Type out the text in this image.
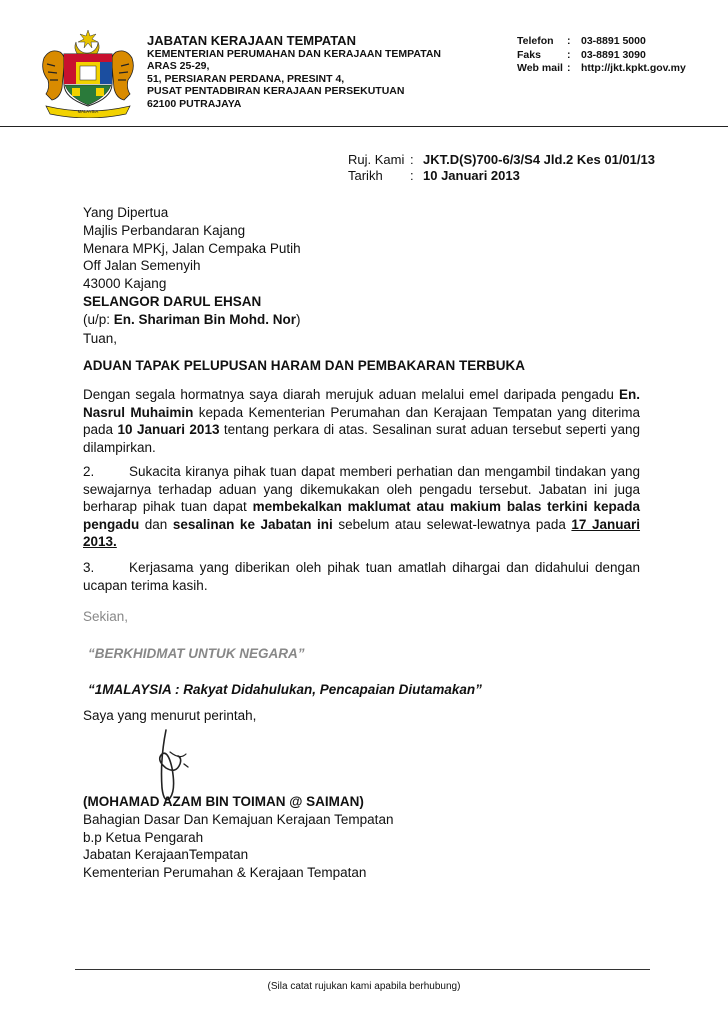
MALAYSIA
JABATAN KERAJAAN TEMPATAN
KEMENTERIAN PERUMAHAN DAN KERAJAAN TEMPATAN
ARAS 25-29,
51, PERSIARAN PERDANA, PRESINT 4,
PUSAT PENTADBIRAN KERAJAAN PERSEKUTUAN
62100 PUTRAJAYA
Telefon	:	03-8891 5000
Faks	:	03-8891 3090
Web mail :	http://jkt.kpkt.gov.my
Ruj. Kami : JKT.D(S)700-6/3/S4 Jld.2 Kes 01/01/13
Tarikh	: 10 Januari 2013
Yang Dipertua
Majlis Perbandaran Kajang
Menara MPKj, Jalan Cempaka Putih
Off Jalan Semenyih
43000 Kajang
SELANGOR DARUL EHSAN
(u/p: En. Shariman Bin Mohd. Nor)
Tuan,
ADUAN TAPAK PELUPUSAN HARAM DAN PEMBAKARAN TERBUKA
Dengan segala hormatnya saya diarah merujuk aduan melalui emel daripada pengadu En. Nasrul Muhaimin kepada Kementerian Perumahan dan Kerajaan Tempatan yang diterima pada 10 Januari 2013 tentang perkara di atas. Sesalinan surat aduan tersebut seperti yang dilampirkan.
2.	Sukacita kiranya pihak tuan dapat memberi perhatian dan mengambil tindakan yang sewajarnya terhadap aduan yang dikemukakan oleh pengadu tersebut. Jabatan ini juga berharap pihak tuan dapat membekalkan maklumat atau makium balas terkini kepada pengadu dan sesalinan ke Jabatan ini sebelum atau selewat-lewatnya pada 17 Januari 2013.
3.	Kerjasama yang diberikan oleh pihak tuan amatlah dihargai dan didahului dengan ucapan terima kasih.
Sekian,
“BERKHIDMAT UNTUK NEGARA”
“1MALAYSIA : Rakyat Didahulukan, Pencapaian Diutamakan”
Saya yang menurut perintah,
(MOHAMAD AZAM BIN TOIMAN @ SAIMAN)
Bahagian Dasar Dan Kemajuan Kerajaan Tempatan
b.p Ketua Pengarah
Jabatan KerajaanTempatan
Kementerian Perumahan & Kerajaan Tempatan
(Sila catat rujukan kami apabila berhubung)
